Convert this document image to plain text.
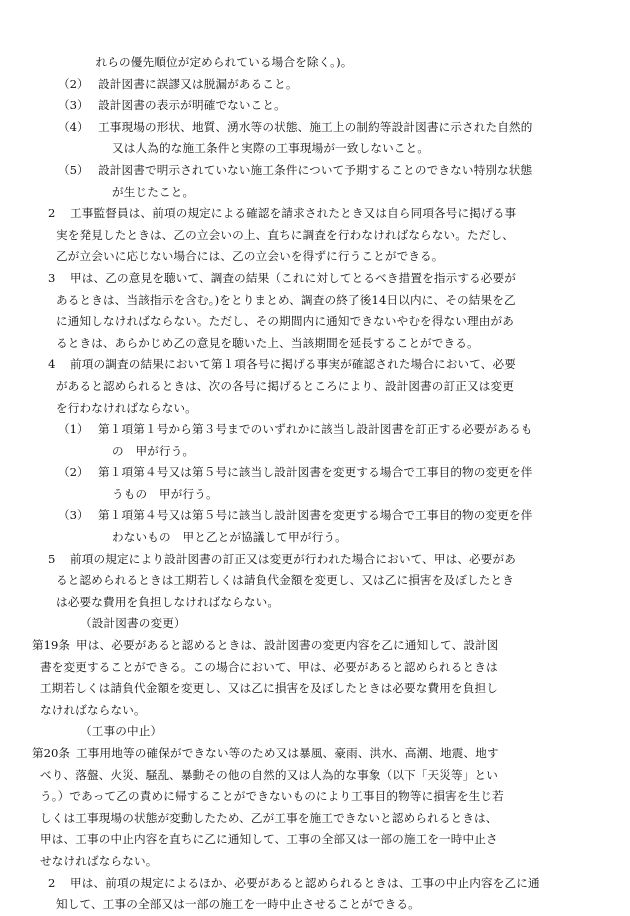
　　れらの優先順位が定められている場合を除く。)。
（2） 設計図書に誤謬又は脱漏があること。
（3） 設計図書の表示が明確でないこと。
（4） 工事現場の形状、地質、湧水等の状態、施工上の制約等設計図書に示された自然的
又は人為的な施工条件と実際の工事現場が一致しないこと。
（5） 設計図書で明示されていない施工条件について予期することのできない特別な状態
が生じたこと。
2	工事監督員は、前項の規定による確認を請求されたとき又は自ら同項各号に掲げる事
実を発見したときは、乙の立会いの上、直ちに調査を行わなければならない。ただし、
乙が立会いに応じない場合には、乙の立会いを得ずに行うことができる。
3	甲は、乙の意見を聴いて、調査の結果（これに対してとるべき措置を指示する必要が
あるときは、当該指示を含む。)をとりまとめ、調査の終了後14日以内に、その結果を乙
に通知しなければならない。ただし、その期間内に通知できないやむを得ない理由があ
るときは、あらかじめ乙の意見を聴いた上、当該期間を延長することができる。
4	前項の調査の結果において第１項各号に掲げる事実が確認された場合において、必要
があると認められるときは、次の各号に掲げるところにより、設計図書の訂正又は変更
を行わなければならない。
（1） 第１項第１号から第３号までのいずれかに該当し設計図書を訂正する必要があるも
の　甲が行う。
（2） 第１項第４号又は第５号に該当し設計図書を変更する場合で工事目的物の変更を伴
うもの　甲が行う。
（3） 第１項第４号又は第５号に該当し設計図書を変更する場合で工事目的物の変更を伴
わないもの　甲と乙とが協議して甲が行う。
5	前項の規定により設計図書の訂正又は変更が行われた場合において、甲は、必要があ
ると認められるときは工期若しくは請負代金額を変更し、又は乙に損害を及ぼしたとき
は必要な費用を負担しなければならない。
（設計図書の変更）
第19条 甲は、必要があると認めるときは、設計図書の変更内容を乙に通知して、設計図
書を変更することができる。この場合において、甲は、必要があると認められるときは
工期若しくは請負代金額を変更し、又は乙に損害を及ぼしたときは必要な費用を負担し
なければならない。
（工事の中止）
第20条 工事用地等の確保ができない等のため又は暴風、豪雨、洪水、高潮、地震、地す
べり、落盤、火災、騒乱、暴動その他の自然的又は人為的な事象（以下「天災等」とい
う。）であって乙の責めに帰することができないものにより工事目的物等に損害を生じ若
しくは工事現場の状態が変動したため、乙が工事を施工できないと認められるときは、
甲は、工事の中止内容を直ちに乙に通知して、工事の全部又は一部の施工を一時中止さ
せなければならない。
2	甲は、前項の規定によるほか、必要があると認められるときは、工事の中止内容を乙に通
知して、工事の全部又は一部の施工を一時中止させることができる。
